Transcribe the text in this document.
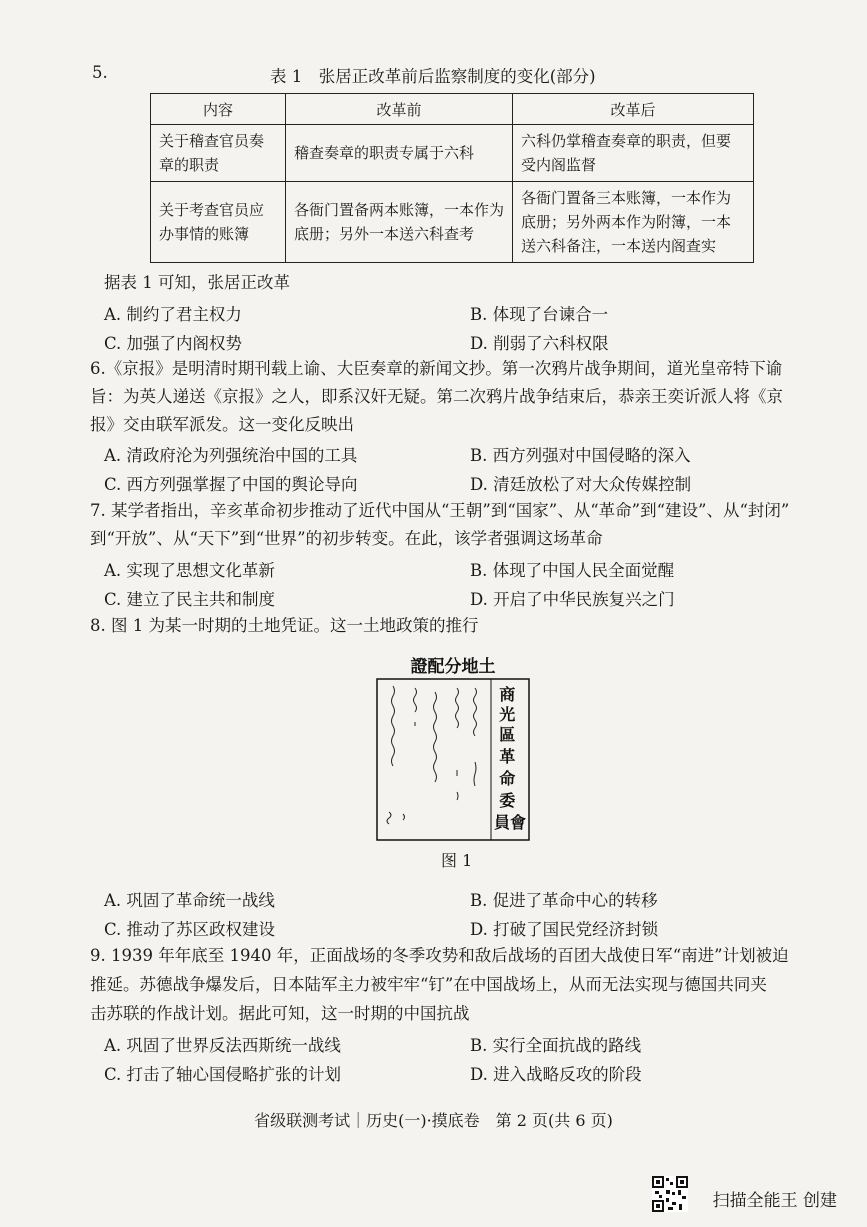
5.	表 1　张居正改革前后监察制度的变化(部分)
内容	改革前	改革后
关于稽查官员奏章的职责	稽查奏章的职责专属于六科	六科仍掌稽查奏章的职责，但要受内阁监督
关于考查官员应办事情的账簿	各衙门置备两本账簿，一本作为底册；另外一本送六科查考	各衙门置备三本账簿，一本作为底册；另外两本作为附簿，一本送六科备注，一本送内阁查实
据表 1 可知，张居正改革
A. 制约了君主权力	B. 体现了台谏合一
C. 加强了内阁权势	D. 削弱了六科权限
6.《京报》是明清时期刊载上谕、大臣奏章的新闻文抄。第一次鸦片战争期间，道光皇帝特下谕
旨：为英人递送《京报》之人，即系汉奸无疑。第二次鸦片战争结束后，恭亲王奕䜣派人将《京
报》交由联军派发。这一变化反映出
A. 清政府沦为列强统治中国的工具	B. 西方列强对中国侵略的深入
C. 西方列强掌握了中国的舆论导向	D. 清廷放松了对大众传媒控制
7. 某学者指出，辛亥革命初步推动了近代中国从“王朝”到“国家”、从“革命”到“建设”、从“封闭”
到“开放”、从“天下”到“世界”的初步转变。在此，该学者强调这场革命
A. 实现了思想文化革新	B. 体现了中国人民全面觉醒
C. 建立了民主共和制度	D. 开启了中华民族复兴之门
8. 图 1 为某一时期的土地凭证。这一土地政策的推行
證配分地土
商 光 區 革 命 委 員會
图 1
A. 巩固了革命统一战线	B. 促进了革命中心的转移
C. 推动了苏区政权建设	D. 打破了国民党经济封锁
9. 1939 年年底至 1940 年，正面战场的冬季攻势和敌后战场的百团大战使日军“南进”计划被迫
推延。苏德战争爆发后，日本陆军主力被牢牢“钉”在中国战场上，从而无法实现与德国共同夹
击苏联的作战计划。据此可知，这一时期的中国抗战
A. 巩固了世界反法西斯统一战线	B. 实行全面抗战的路线
C. 打击了轴心国侵略扩张的计划	D. 进入战略反攻的阶段
省级联测考试｜历史(一)·摸底卷　第 2 页(共 6 页)
扫描全能王 创建
